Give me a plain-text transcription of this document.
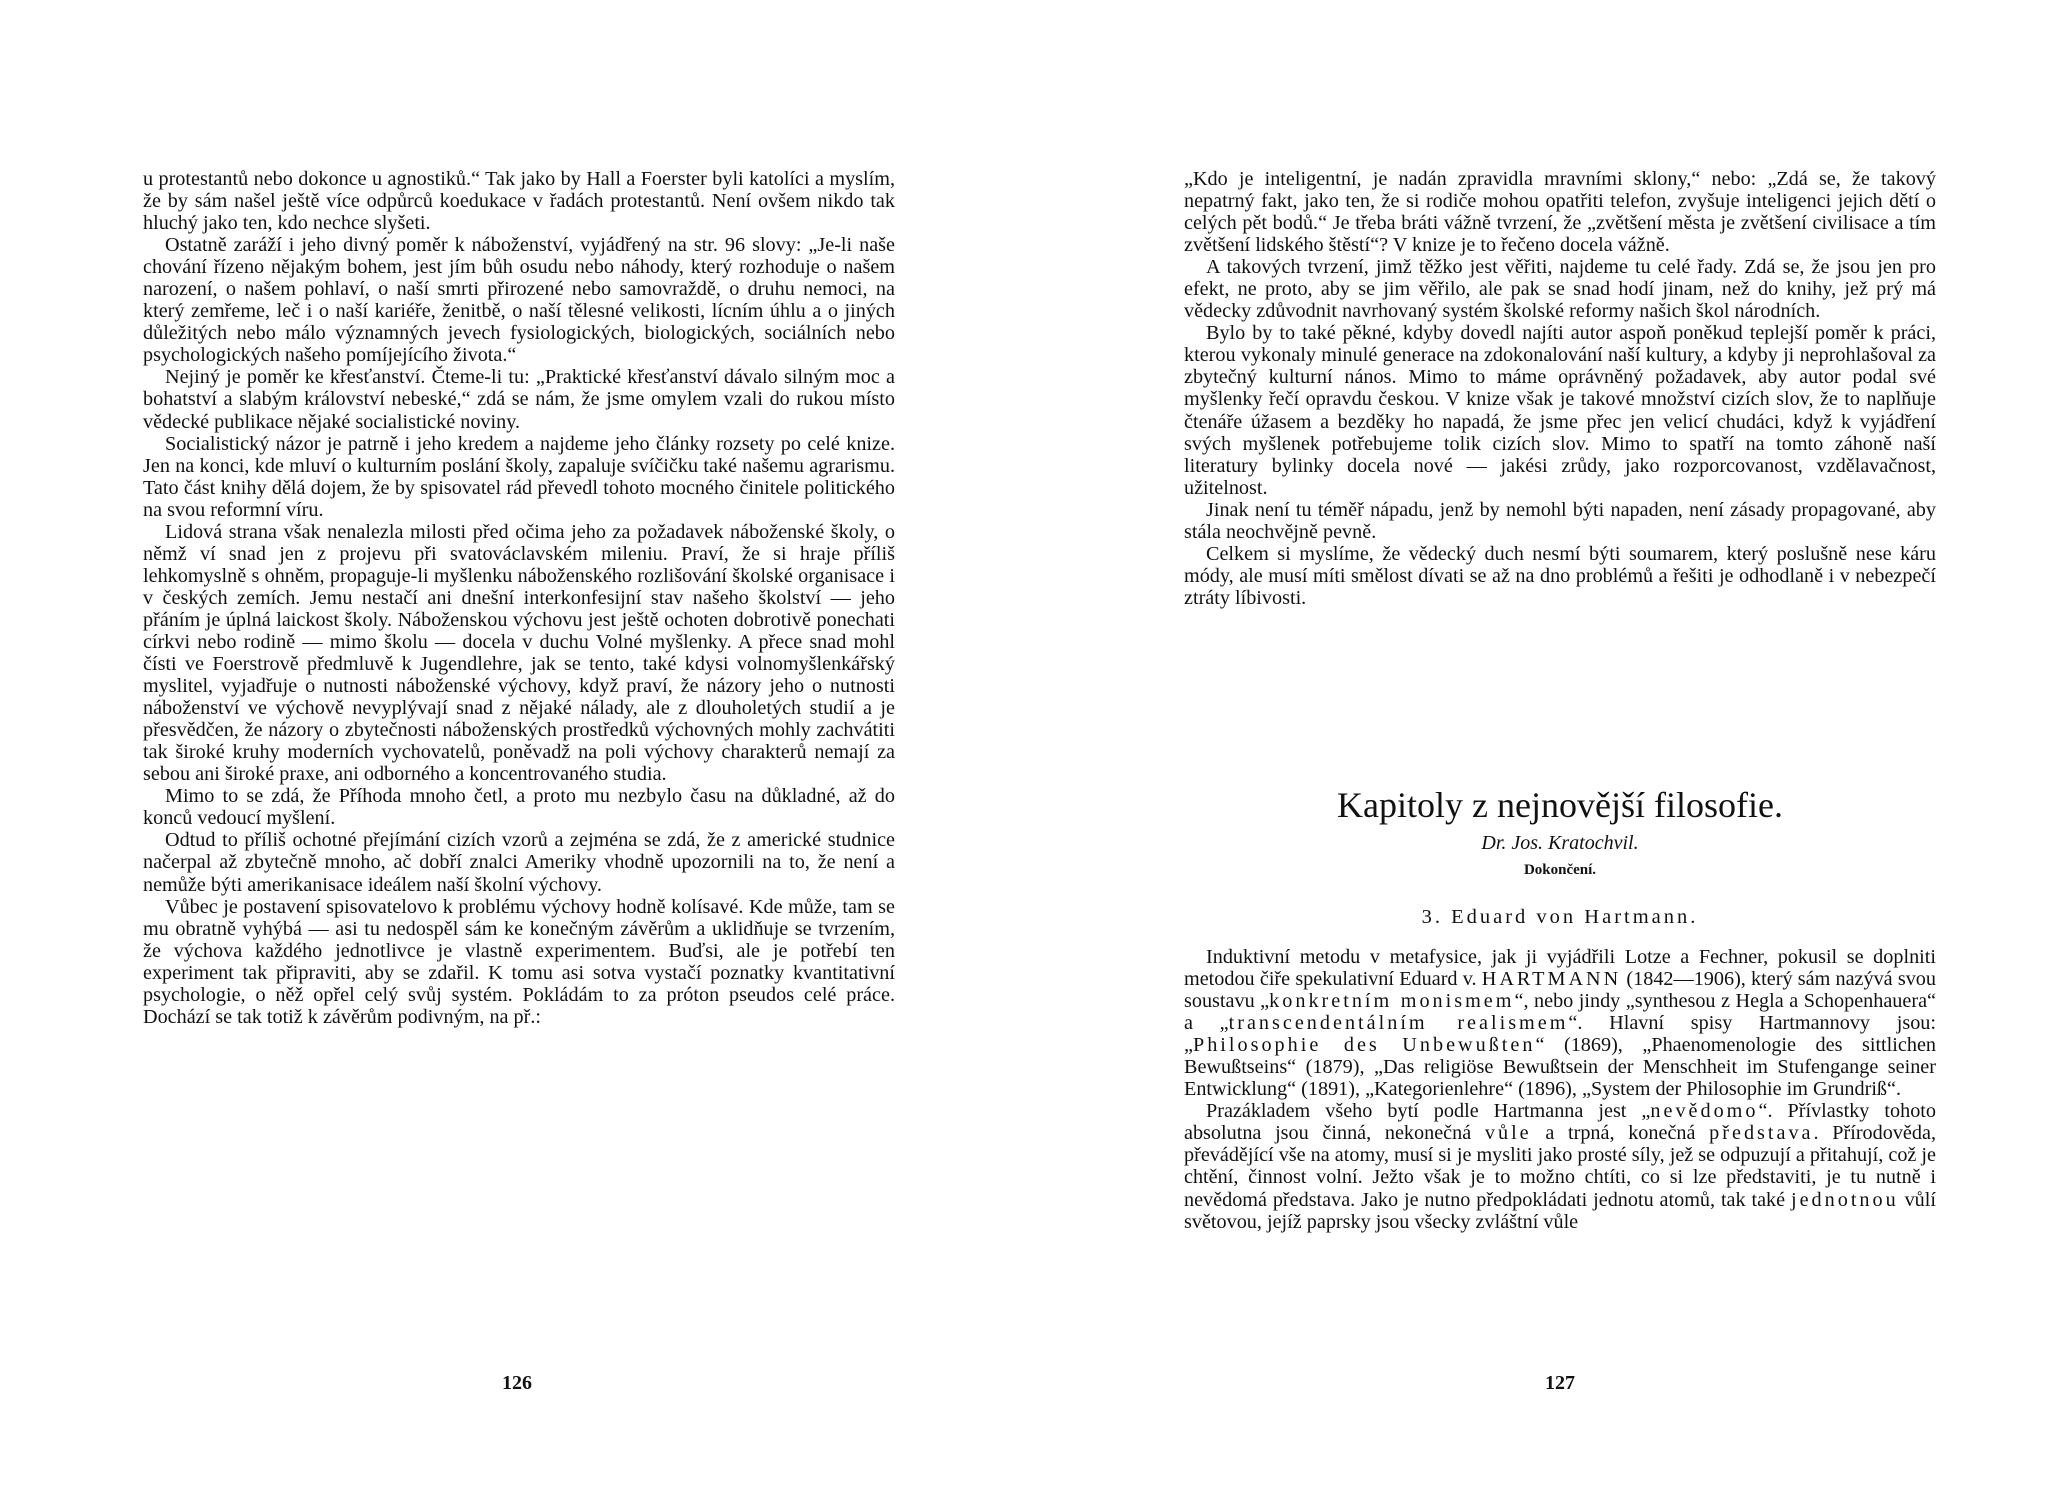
u protestantů nebo dokonce u agnostiků.“ Tak jako by Hall a Foerster byli katolíci a myslím, že by sám našel ještě více odpůrců koedukace v řadách protestantů. Není ovšem nikdo tak hluchý jako ten, kdo nechce slyšeti.

Ostatně zaráží i jeho divný poměr k náboženství, vyjádřený na str. 96 slovy: „Je-li naše chování řízeno nějakým bohem, jest jím bůh osudu nebo náhody, který rozhoduje o našem narození, o našem pohlaví, o naší smrti přirozené nebo samovraždě, o druhu nemoci, na který zemřeme, leč i o naší kariéře, ženitbě, o naší tělesné velikosti, lícním úhlu a o jiných důležitých nebo málo významných jevech fysiologických, biologických, sociálních nebo psychologických našeho pomíjejícího života.“

Nejiný je poměr ke křesťanství. Čteme-li tu: „Praktické křesťanství dávalo silným moc a bohatství a slabým království nebeské,“ zdá se nám, že jsme omylem vzali do rukou místo vědecké publikace nějaké socialistické noviny.

Socialistický názor je patrně i jeho kredem a najdeme jeho články rozsety po celé knize. Jen na konci, kde mluví o kulturním poslání školy, zapaluje svíčičku také našemu agrarismu. Tato část knihy dělá dojem, že by spisovatel rád převedl tohoto mocného činitele politického na svou reformní víru.

Lidová strana však nenalezla milosti před očima jeho za požadavek náboženské školy, o němž ví snad jen z projevu při svatováclavském mileniu. Praví, že si hraje příliš lehkomyslně s ohněm, propaguje-li myšlenku náboženského rozlišování školské organisace i v českých zemích. Jemu nestačí ani dnešní interkonfesijní stav našeho školství — jeho přáním je úplná laickost školy. Náboženskou výchovu jest ještě ochoten dobrotivě ponechati církvi nebo rodině — mimo školu — docela v duchu Volné myšlenky. A přece snad mohl čísti ve Foerstrově předmluvě k Jugendlehre, jak se tento, také kdysi volnomyšlenkářský myslitel, vyjadřuje o nutnosti náboženské výchovy, když praví, že názory jeho o nutnosti náboženství ve výchově nevyplývají snad z nějaké nálady, ale z dlouholetých studií a je přesvědčen, že názory o zbytečnosti náboženských prostředků výchovných mohly zachvátiti tak široké kruhy moderních vychovatelů, poněvadž na poli výchovy charakterů nemají za sebou ani široké praxe, ani odborného a koncentrovaného studia.

Mimo to se zdá, že Příhoda mnoho četl, a proto mu nezbylo času na důkladné, až do konců vedoucí myšlení.

Odtud to příliš ochotné přejímání cizích vzorů a zejména se zdá, že z americké studnice načerpal až zbytečně mnoho, ač dobří znalci Ameriky vhodně upozornili na to, že není a nemůže býti amerikanisace ideálem naší školní výchovy.

Vůbec je postavení spisovatelovo k problému výchovy hodně kolísavé. Kde může, tam se mu obratně vyhýbá — asi tu nedospěl sám ke konečným závěrům a uklidňuje se tvrzením, že výchova každého jednotlivce je vlastně experimentem. Buďsi, ale je potřebí ten experiment tak připraviti, aby se zdařil. K tomu asi sotva vystačí poznatky kvantitativní psychologie, o něž opřel celý svůj systém. Pokládám to za próton pseudos celé práce. Dochází se tak totiž k závěrům podivným, na př.:

126

„Kdo je inteligentní, je nadán zpravidla mravními sklony,“ nebo: „Zdá se, že takový nepatrný fakt, jako ten, že si rodiče mohou opatřiti telefon, zvyšuje inteligenci jejich dětí o celých pět bodů.“ Je třeba bráti vážně tvrzení, že „zvětšení města je zvětšení civilisace a tím zvětšení lidského štěstí“? V knize je to řečeno docela vážně.

A takových tvrzení, jimž těžko jest věřiti, najdeme tu celé řady. Zdá se, že jsou jen pro efekt, ne proto, aby se jim věřilo, ale pak se snad hodí jinam, než do knihy, jež prý má vědecky zdůvodnit navrhovaný systém školské reformy našich škol národních.

Bylo by to také pěkné, kdyby dovedl najíti autor aspoň poněkud teplejší poměr k práci, kterou vykonaly minulé generace na zdokonalování naší kultury, a kdyby ji neprohlašoval za zbytečný kulturní nános. Mimo to máme oprávněný požadavek, aby autor podal své myšlenky řečí opravdu českou. V knize však je takové množství cizích slov, že to naplňuje čtenáře úžasem a bezděky ho napadá, že jsme přec jen velicí chudáci, když k vyjádření svých myšlenek potřebujeme tolik cizích slov. Mimo to spatří na tomto záhoně naší literatury bylinky docela nové — jakési zrůdy, jako rozporcovanost, vzdělavačnost, užitelnost.

Jinak není tu téměř nápadu, jenž by nemohl býti napaden, není zásady propagované, aby stála neochvějně pevně.

Celkem si myslíme, že vědecký duch nesmí býti soumarem, který poslušně nese káru módy, ale musí míti smělost dívati se až na dno problémů a řešiti je odhodlaně i v nebezpečí ztráty líbivosti.

Kapitoly z nejnovější filosofie.
Dr. Jos. Kratochvil.
Dokončení.
3. Eduard von Hartmann.

Induktivní metodu v metafysice, jak ji vyjádřili Lotze a Fechner, pokusil se doplniti metodou čiře spekulativní Eduard v. HARTMANN (1842—1906), který sám nazývá svou soustavu „konkretním monismem“, nebo jindy „synthesou z Hegla a Schopenhauera“ a „transcendentálním realismem“. Hlavní spisy Hartmannovy jsou: „Philosophie des Unbewußten“ (1869), „Phaenomenologie des sittlichen Bewußtseins“ (1879), „Das religiöse Bewußtsein der Menschheit im Stufengange seiner Entwicklung“ (1891), „Kategorienlehre“ (1896), „System der Philosophie im Grundriß“.

Prazákladem všeho bytí podle Hartmanna jest „nevědomo“. Přívlastky tohoto absolutna jsou činná, nekonečná vůle a trpná, konečná představa. Přírodověda, převádějící vše na atomy, musí si je mysliti jako prosté síly, jež se odpuzují a přitahují, což je chtění, činnost volní. Ježto však je to možno chtíti, co si lze představiti, je tu nutně i nevědomá představa. Jako je nutno předpokládati jednotu atomů, tak také jednotnou vůlí světovou, jejíž paprsky jsou všecky zvláštní vůle

127
